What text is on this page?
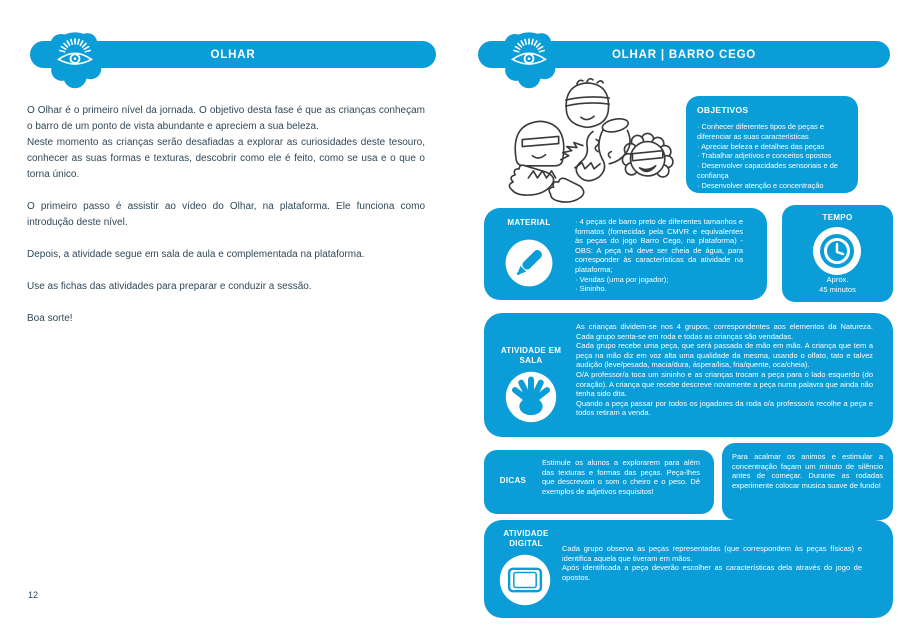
OLHAR
O Olhar é o primeiro nível da jornada. O objetivo desta fase é que as crianças conheçam o barro de um ponto de vista abundante e apreciem a sua beleza.
Neste momento as crianças serão desafiadas a explorar as curiosidades deste tesouro, conhecer as suas formas e texturas, descobrir como ele é feito, como se usa e o que o torna único.
O primeiro passo é assistir ao vídeo do Olhar, na plataforma. Ele funciona como introdução deste nível.
Depois, a atividade segue em sala de aula e complementada na plataforma.
Use as fichas das atividades para preparar e conduzir a sessão.
Boa sorte!
12
OLHAR | BARRO CEGO
OBJETIVOS
· Conhecer diferentes tipos de peças e diferenciar as suas características
· Apreciar beleza e detalhes das peças
· Trabalhar adjetivos e conceitos opostos
· Desenvolver capacidades sensoriais e de confiança
· Desenvolver atenção e concentração
MATERIAL	· 4 peças de barro preto de diferentes tamanhos e formatos (fornecidas pela CMVR e equivalentes às peças do jogo Barro Cego, na plataforma) - OBS: A peça n4 deve ser cheia de água, para corresponder às características da atividade na plataforma;
· Vendas (uma por jogador);
· Sininho.
TEMPO
Aprox.
45 minutos
ATIVIDADE EM SALA
As crianças dividem-se nos 4 grupos, correspondentes aos elementos da Natureza. Cada grupo senta-se em roda e todas as crianças são vendadas.
Cada grupo recebe uma peça, que será passada de mão em mão. A criança que tem a peça na mão diz em voz alta uma qualidade da mesma, usando o olfato, tato e talvez audição (leve/pesada, macia/dura, áspera/lisa, fria/quente, oca/cheia).
O/A professor/a toca um sininho e as crianças trocam a peça para o lado esquerdo (do coração). A criança que recebe descreve novamente a peça numa palavra que ainda não tenha sido dita.
Quando a peça passar por todos os jogadores da roda o/a professor/a recolhe a peça e todos retiram a venda.
DICAS
Estimule os alunos a explorarem para além das texturas e formas das peças. Peça-lhes que descrevam o som o cheiro e o peso. Dê exemplos de adjetivos esquisitos!
Para acalmar os animos e estimular a concentração façam um minuto de silêncio antes de começar. Durante as rodadas experimente colocar musica suave de fundo!
ATIVIDADE DIGITAL
Cada grupo observa as peças representadas (que correspondem às peças físicas) e identifica aquela que tiveram em mãos.
Após identificada a peça deverão escolher as características dela através do jogo de opostos.
